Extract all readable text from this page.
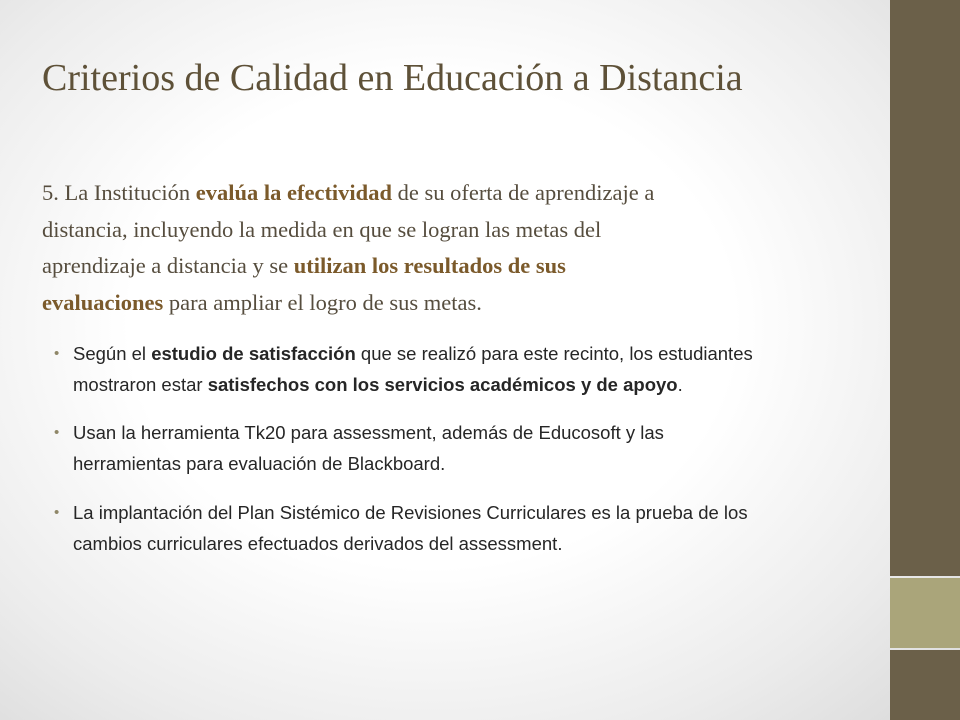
Criterios de Calidad en Educación a Distancia
5. La Institución evalúa la efectividad de su oferta de aprendizaje a
distancia, incluyendo la medida en que se logran las metas del
aprendizaje a distancia y se utilizan los resultados de sus
evaluaciones para ampliar el logro de sus metas.
• Según el estudio de satisfacción que se realizó para este recinto, los estudiantes
mostraron estar satisfechos con los servicios académicos y de apoyo.
• Usan la herramienta Tk20 para assessment, además de Educosoft y las
herramientas para evaluación de Blackboard.
• La implantación del Plan Sistémico de Revisiones Curriculares es la prueba de los
cambios curriculares efectuados derivados del assessment.
